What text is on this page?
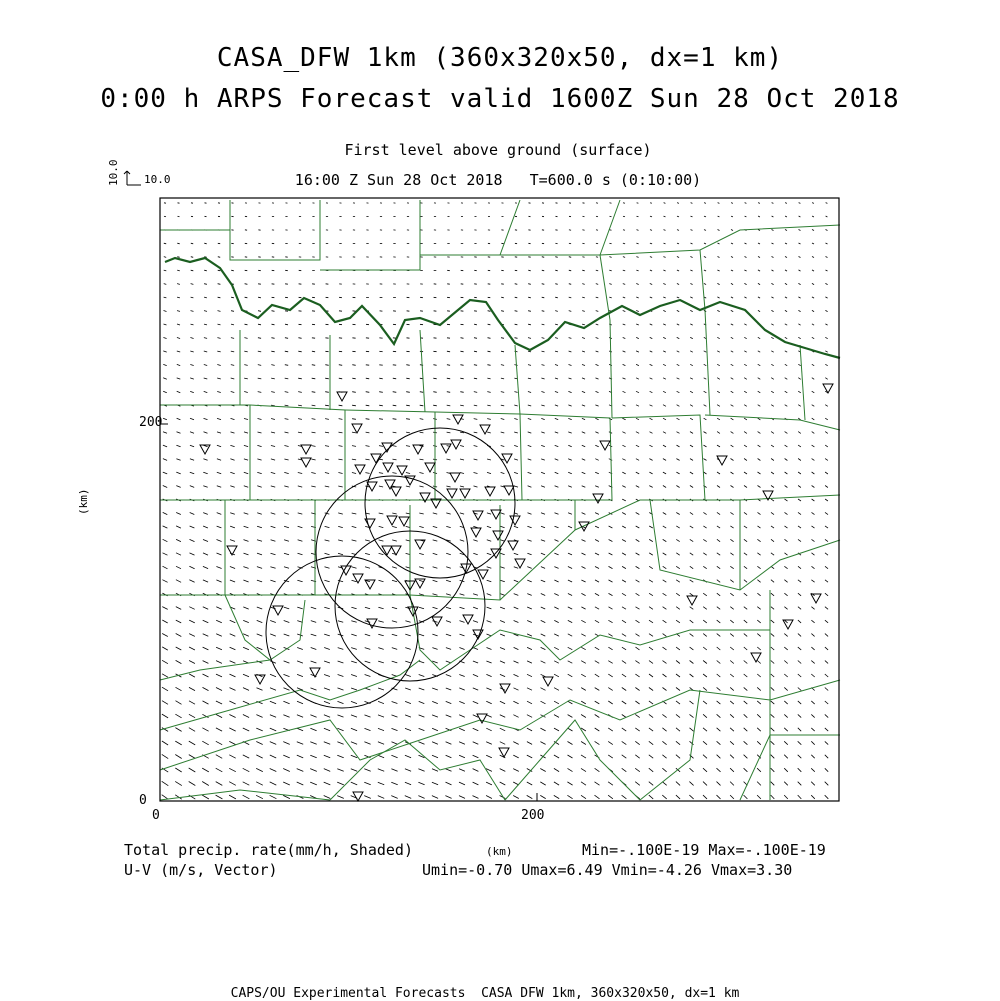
CASA_DFW 1km (360x320x50, dx=1 km)
0:00 h ARPS Forecast valid 1600Z Sun 28 Oct 2018
First level above ground (surface)
16:00 Z Sun 28 Oct 2018   T=600.0 s (0:10:00)
10.0 10.0
200
0
0	200
(km)
(km)
Total precip. rate(mm/h, Shaded)	Min=-.100E-19 Max=-.100E-19
U-V (m/s, Vector)	Umin=-0.70 Umax=6.49 Vmin=-4.26 Vmax=3.30
CAPS/OU Experimental Forecasts  CASA DFW 1km, 360x320x50, dx=1 km
